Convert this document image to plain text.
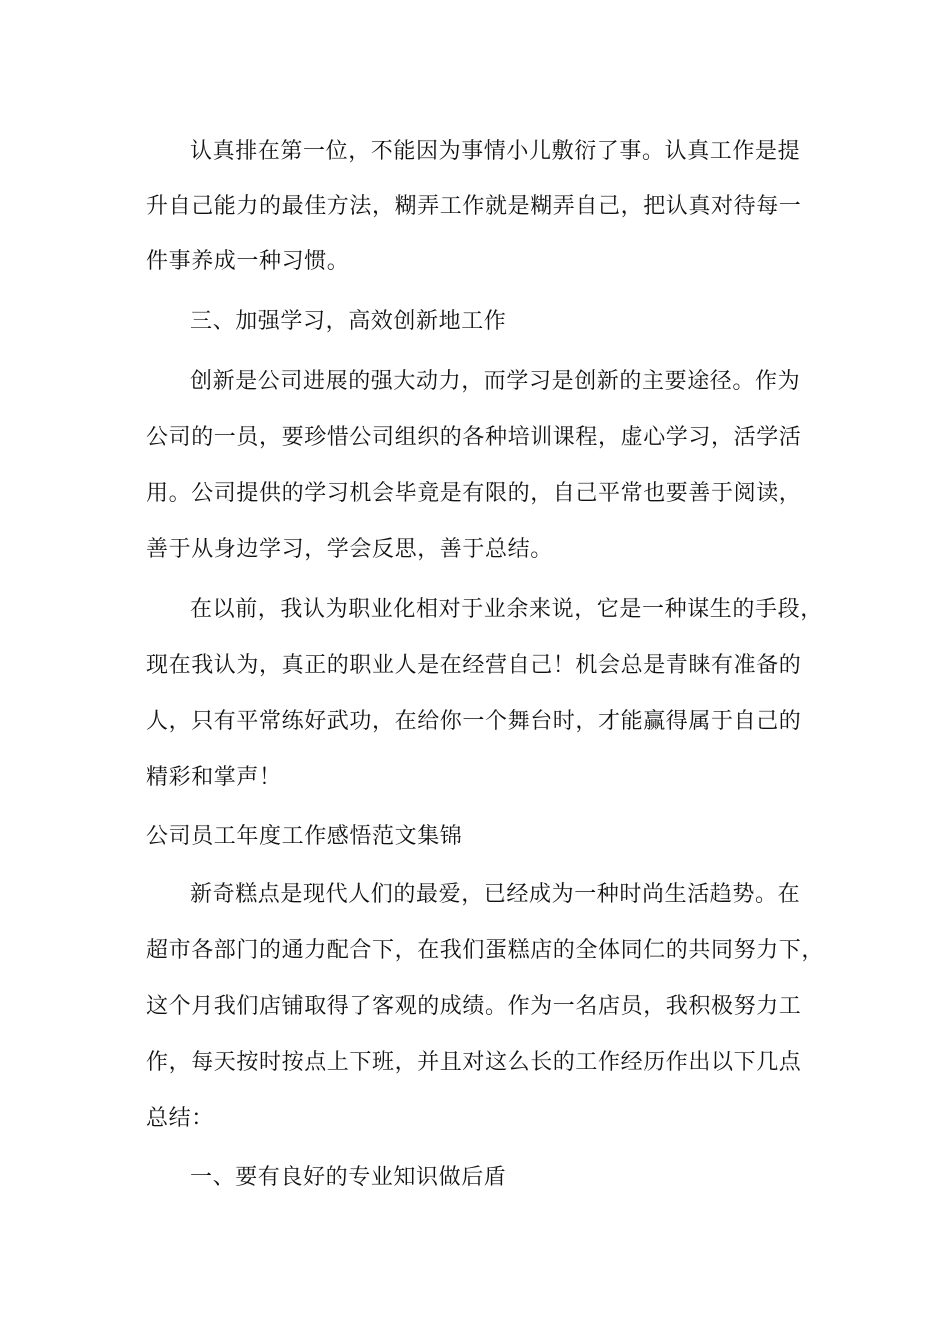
认真排在第一位，不能因为事情小儿敷衍了事。认真工作是提
升自己能力的最佳方法，糊弄工作就是糊弄自己，把认真对待每一
件事养成一种习惯。
三、加强学习，高效创新地工作
创新是公司进展的强大动力，而学习是创新的主要途径。作为
公司的一员，要珍惜公司组织的各种培训课程，虚心学习，活学活
用。公司提供的学习机会毕竟是有限的，自己平常也要善于阅读，
善于从身边学习，学会反思，善于总结。
在以前，我认为职业化相对于业余来说，它是一种谋生的手段，
现在我认为，真正的职业人是在经营自己！机会总是青睐有准备的
人，只有平常练好武功，在给你一个舞台时，才能赢得属于自己的
精彩和掌声！
公司员工年度工作感悟范文集锦
新奇糕点是现代人们的最爱，已经成为一种时尚生活趋势。在
超市各部门的通力配合下，在我们蛋糕店的全体同仁的共同努力下，
这个月我们店铺取得了客观的成绩。作为一名店员，我积极努力工
作，每天按时按点上下班，并且对这么长的工作经历作出以下几点
总结：
一、要有良好的专业知识做后盾
